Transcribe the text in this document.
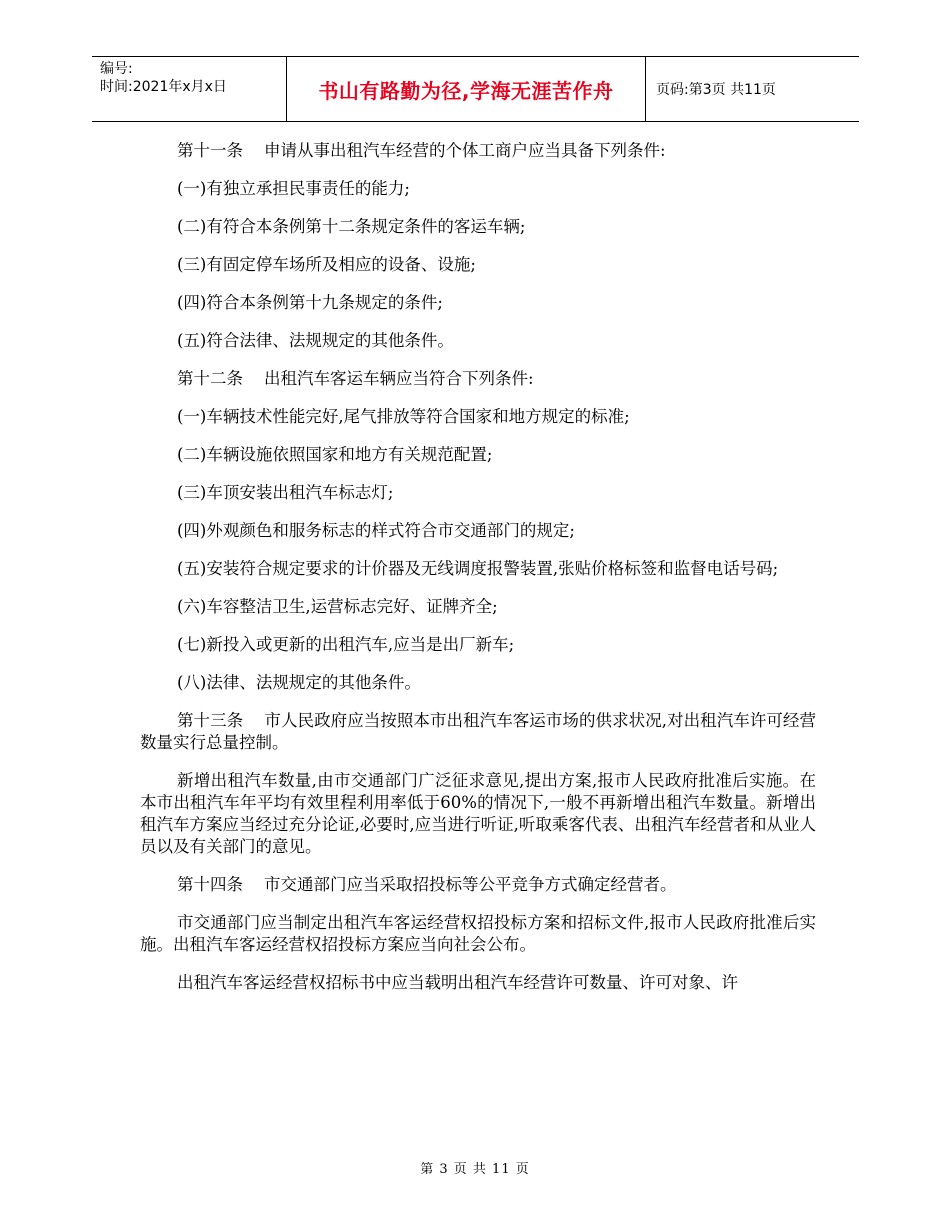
编号:
时间:2021年x月x日	书山有路勤为径,学海无涯苦作舟	页码:第3页 共11页

第十一条    申请从事出租汽车经营的个体工商户应当具备下列条件:

(一)有独立承担民事责任的能力;

(二)有符合本条例第十二条规定条件的客运车辆;

(三)有固定停车场所及相应的设备、设施;

(四)符合本条例第十九条规定的条件;

(五)符合法律、法规规定的其他条件。

第十二条    出租汽车客运车辆应当符合下列条件:

(一)车辆技术性能完好,尾气排放等符合国家和地方规定的标准;

(二)车辆设施依照国家和地方有关规范配置;

(三)车顶安装出租汽车标志灯;

(四)外观颜色和服务标志的样式符合市交通部门的规定;

(五)安装符合规定要求的计价器及无线调度报警装置,张贴价格标签和监督电话号码;

(六)车容整洁卫生,运营标志完好、证牌齐全;

(七)新投入或更新的出租汽车,应当是出厂新车;

(八)法律、法规规定的其他条件。

第十三条    市人民政府应当按照本市出租汽车客运市场的供求状况,对出租汽车许可经营数量实行总量控制。

新增出租汽车数量,由市交通部门广泛征求意见,提出方案,报市人民政府批准后实施。在本市出租汽车年平均有效里程利用率低于60%的情况下,一般不再新增出租汽车数量。新增出租汽车方案应当经过充分论证,必要时,应当进行听证,听取乘客代表、出租汽车经营者和从业人员以及有关部门的意见。

第十四条    市交通部门应当采取招投标等公平竞争方式确定经营者。

市交通部门应当制定出租汽车客运经营权招投标方案和招标文件,报市人民政府批准后实施。出租汽车客运经营权招投标方案应当向社会公布。

出租汽车客运经营权招标书中应当载明出租汽车经营许可数量、许可对象、许

第 3 页 共 11 页
